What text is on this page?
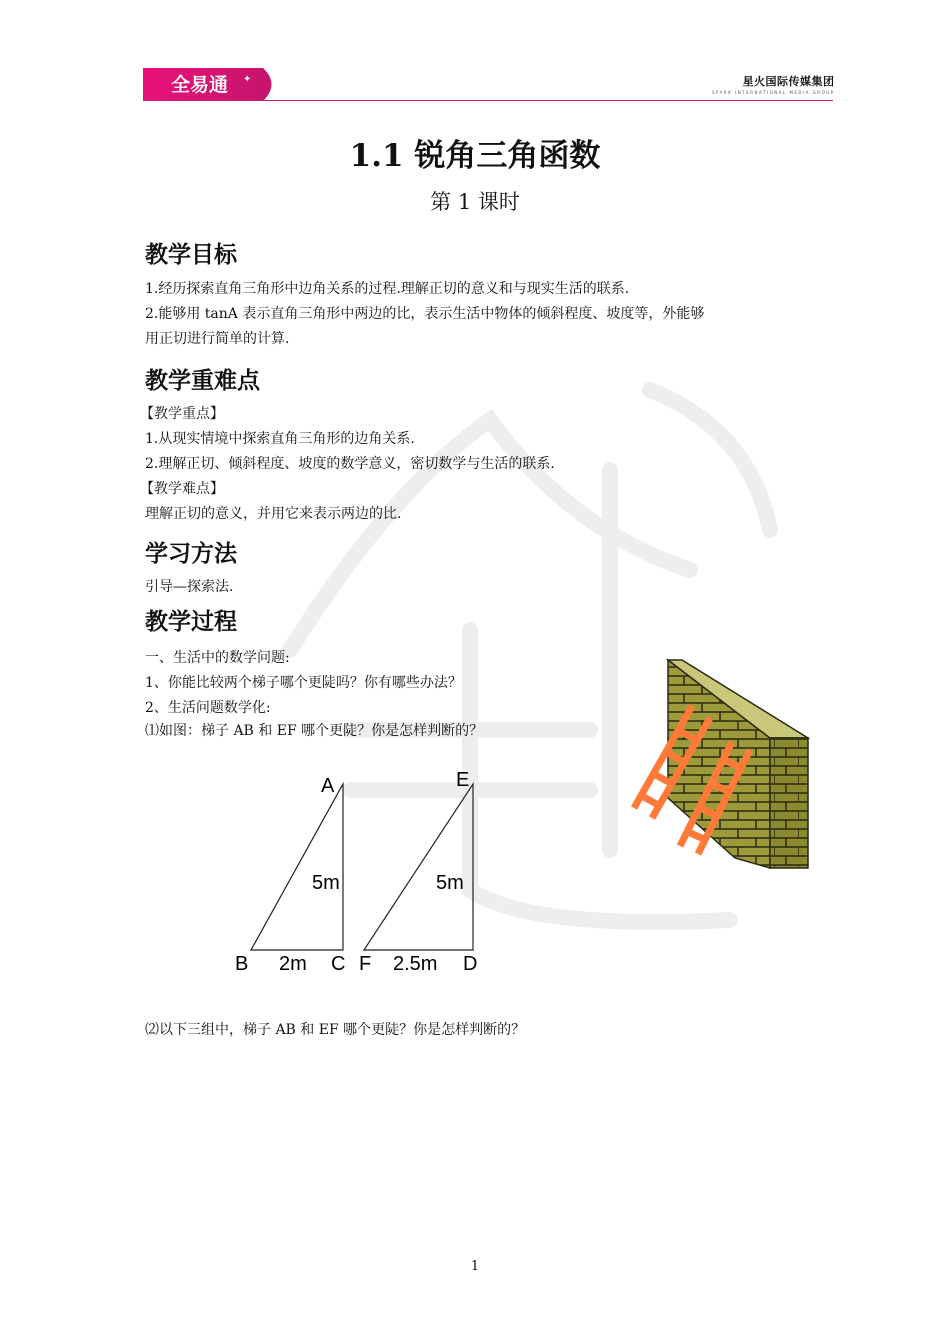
全易通 ✦	星火国际传媒集团
SPARK INTERNATIONAL MEDIA GROUP
1.1 锐角三角函数
第 1 课时
教学目标
1.经历探索直角三角形中边角关系的过程.理解正切的意义和与现实生活的联系.
2.能够用 tanA 表示直角三角形中两边的比，表示生活中物体的倾斜程度、坡度等，外能够
用正切进行简单的计算.
教学重难点
【教学重点】
1.从现实情境中探索直角三角形的边角关系.
2.理解正切、倾斜程度、坡度的数学意义，密切数学与生活的联系.
【教学难点】
理解正切的意义，并用它来表示两边的比.
学习方法
引导—探索法.
教学过程
一、生活中的数学问题:
1、你能比较两个梯子哪个更陡吗？你有哪些办法？
2、生活问题数学化:
⑴如图：梯子 AB 和 EF 哪个更陡？你是怎样判断的？
A
B	C
E
F	D
5m
2m
5m
2.5m
⑵以下三组中，梯子 AB 和 EF 哪个更陡？你是怎样判断的？
1
